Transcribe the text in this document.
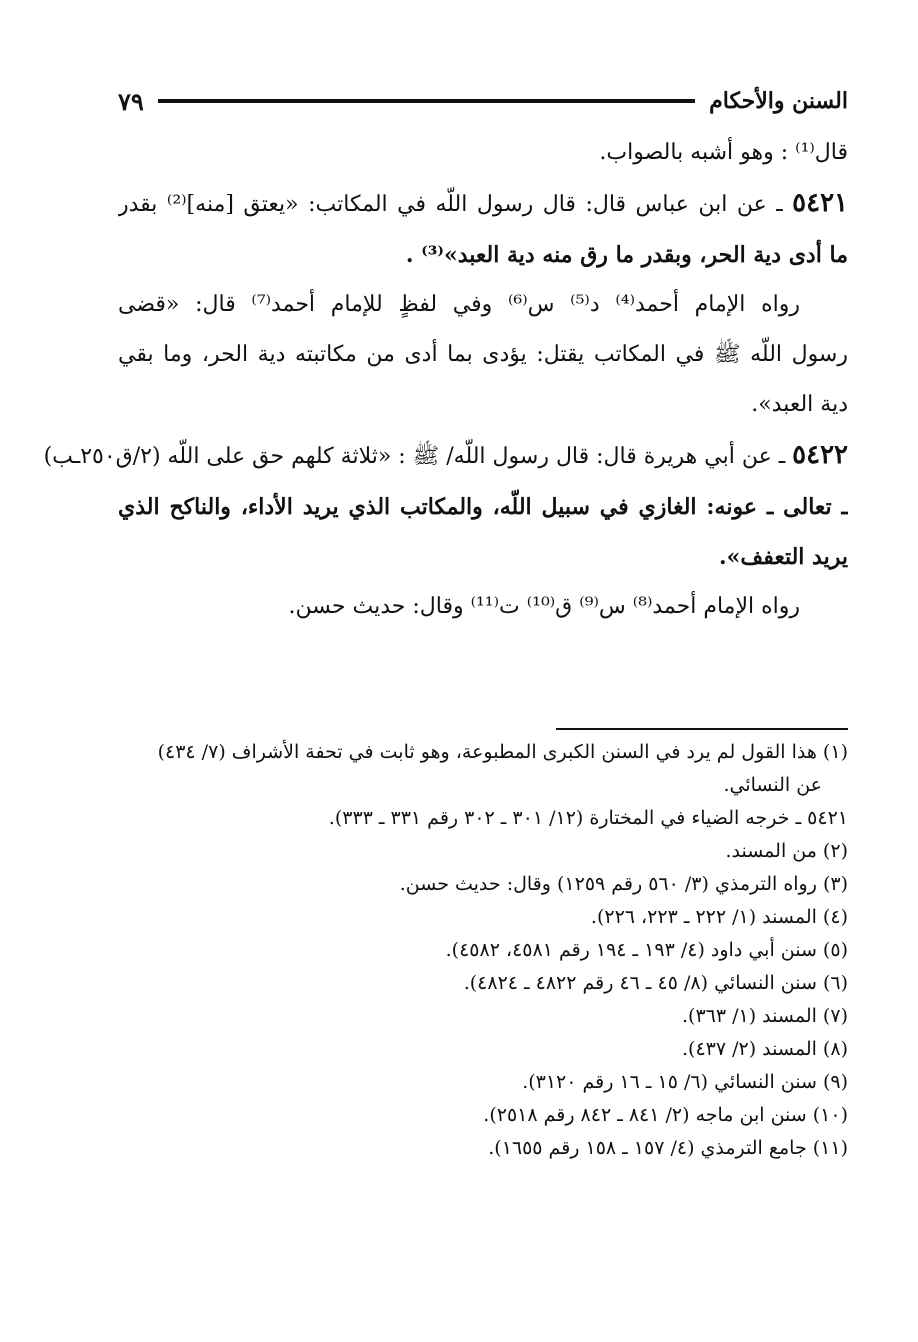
السنن والأحكام
٧٩
قال⁽¹⁾ : وهو أشبه بالصواب.
٥٤٢١ ـ عن ابن عباس قال: قال رسول اللّه في المكاتب: «يعتق [منه]⁽²⁾ بقدر
ما أدى دية الحر، وبقدر ما رق منه دية العبد»⁽³⁾ .
رواه الإمام أحمد⁽⁴⁾ د⁽⁵⁾ س⁽⁶⁾ وفي لفظٍ للإمام أحمد⁽⁷⁾ قال: «قضى
رسول اللّه ﷺ في المكاتب يقتل: يؤدى بما أدى من مكاتبته دية الحر، وما بقي
دية العبد».
٥٤٢٢ ـ عن أبي هريرة قال: قال رسول اللّه/ ﷺ : «ثلاثة كلهم حق على اللّه (٢/ق٢٥٠ـب)
ـ تعالى ـ عونه: الغازي في سبيل اللّه، والمكاتب الذي يريد الأداء، والناكح الذي
يريد التعفف».
رواه الإمام أحمد⁽⁸⁾ س⁽⁹⁾ ق⁽¹⁰⁾ ت⁽¹¹⁾ وقال: حديث حسن.
(١) هذا القول لم يرد في السنن الكبرى المطبوعة، وهو ثابت في تحفة الأشراف (٧/ ٤٣٤)
عن النسائي.
٥٤٢١ ـ خرجه الضياء في المختارة (١٢/ ٣٠١ ـ ٣٠٢ رقم ٣٣١ ـ ٣٣٣).
(٢) من المسند.
(٣) رواه الترمذي (٣/ ٥٦٠ رقم ١٢٥٩) وقال: حديث حسن.
(٤) المسند (١/ ٢٢٢ ـ ٢٢٣، ٢٢٦).
(٥) سنن أبي داود (٤/ ١٩٣ ـ ١٩٤ رقم ٤٥٨١، ٤٥٨٢).
(٦) سنن النسائي (٨/ ٤٥ ـ ٤٦ رقم ٤٨٢٢ ـ ٤٨٢٤).
(٧) المسند (١/ ٣٦٣).
(٨) المسند (٢/ ٤٣٧).
(٩) سنن النسائي (٦/ ١٥ ـ ١٦ رقم ٣١٢٠).
(١٠) سنن ابن ماجه (٢/ ٨٤١ ـ ٨٤٢ رقم ٢٥١٨).
(١١) جامع الترمذي (٤/ ١٥٧ ـ ١٥٨ رقم ١٦٥٥).
